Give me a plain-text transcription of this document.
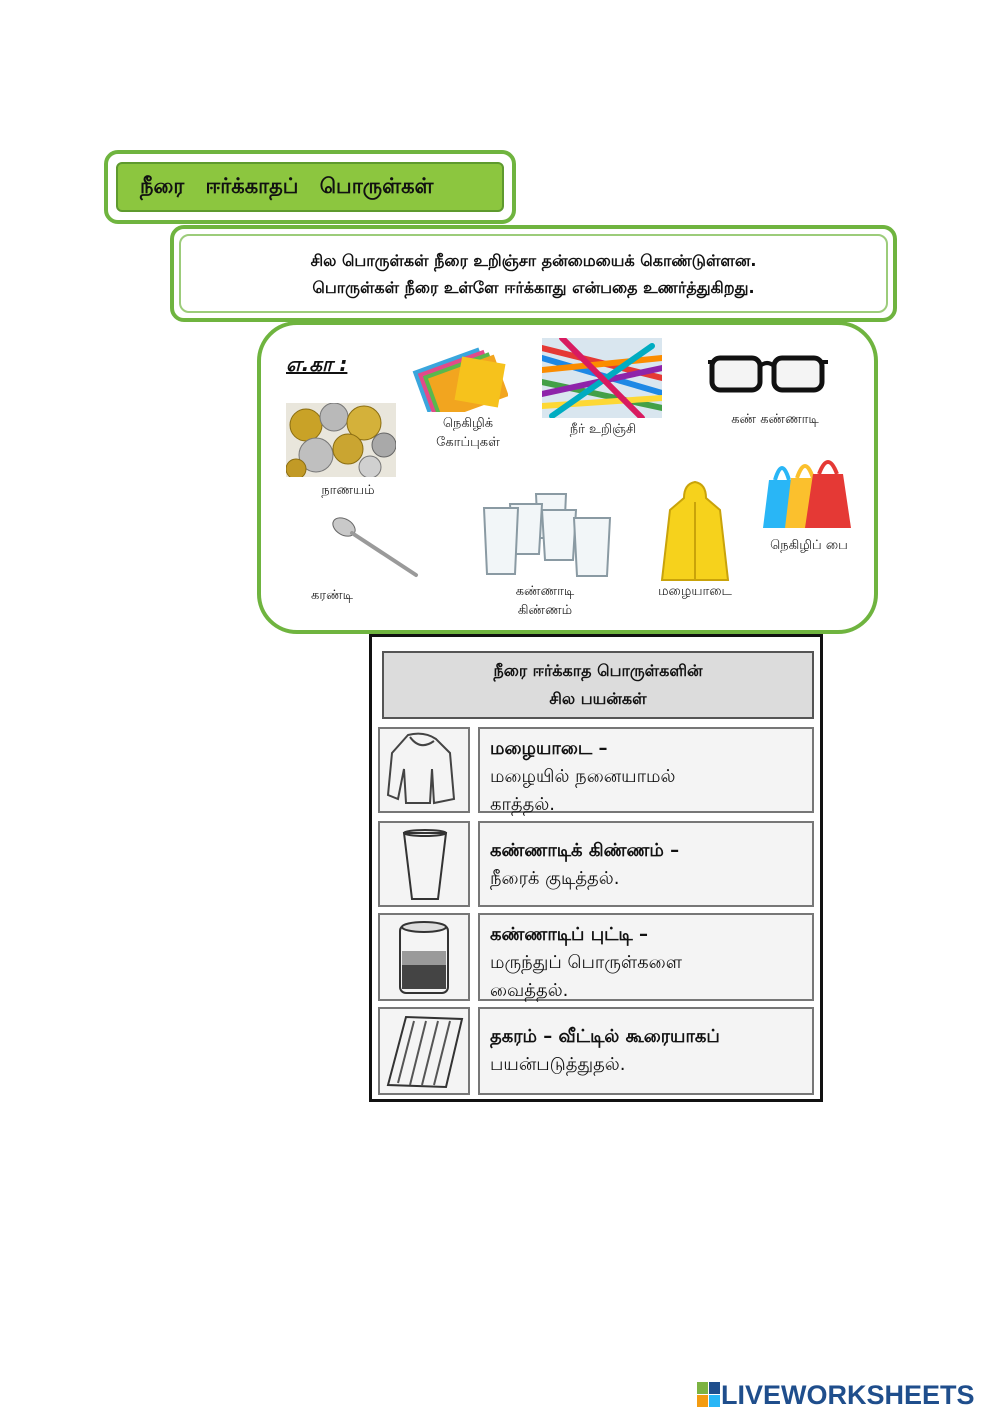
நீரை ஈர்க்காதப் பொருள்கள்
சில பொருள்கள் நீரை உறிஞ்சா தன்மையைக் கொண்டுள்ளன.
பொருள்கள் நீரை உள்ளே ஈர்க்காது என்பதை உணர்த்துகிறது.
எ.கா :
நாணயம்
நெகிழிக்
கோப்புகள்
நீர் உறிஞ்சி
கண் கண்ணாடி
நெகிழிப் பை
கரண்டி	கண்ணாடி
கிண்ணம்
மழையாடை
நீரை ஈர்க்காத பொருள்களின்
சில பயன்கள்
மழையாடை –
மழையில் நனையாமல்
காத்தல்.
கண்ணாடிக் கிண்ணம் –
நீரைக் குடித்தல்.
கண்ணாடிப் புட்டி –
மருந்துப் பொருள்களை
வைத்தல்.
தகரம் – வீட்டில் கூரையாகப்
பயன்படுத்துதல்.
LIVEWORKSHEETS
